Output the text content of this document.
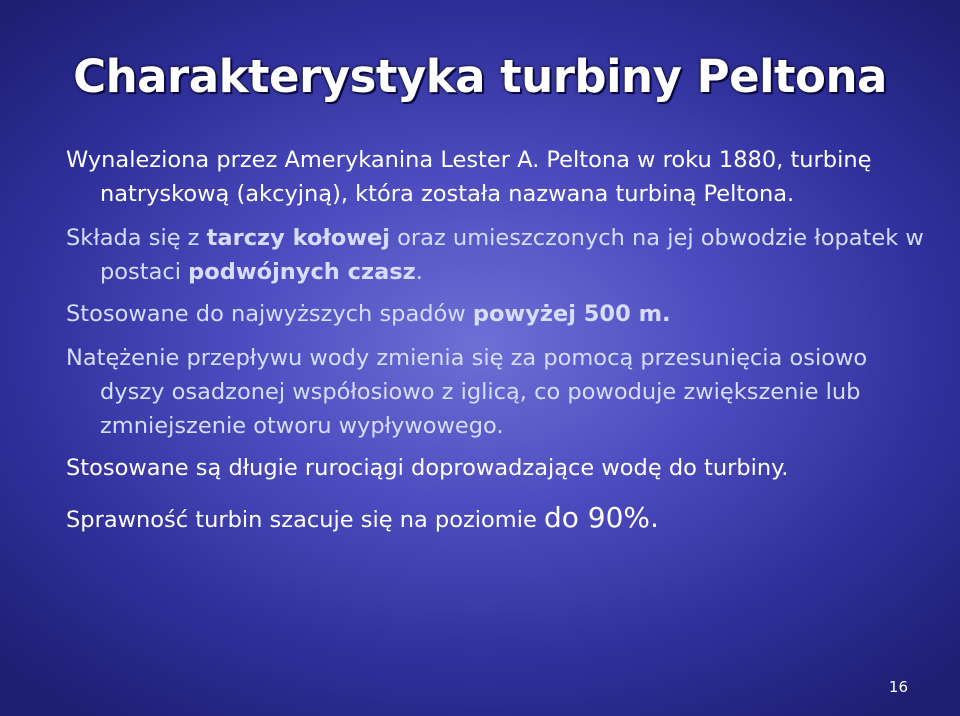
Charakterystyka turbiny Peltona

Wynaleziona przez Amerykanina Lester A. Peltona w roku 1880, turbinę natryskową (akcyjną), która została nazwana turbiną Peltona.

Składa się z tarczy kołowej oraz umieszczonych na jej obwodzie łopatek w postaci podwójnych czasz.

Stosowane do najwyższych spadów powyżej 500 m.

Natężenie przepływu wody zmienia się za pomocą przesunięcia osiowo dyszy osadzonej współosiowo z iglicą, co powoduje zwiększenie lub zmniejszenie otworu wypływowego.

Stosowane są długie rurociągi doprowadzające wodę do turbiny.

Sprawność turbin szacuje się na poziomie do 90%.

16
